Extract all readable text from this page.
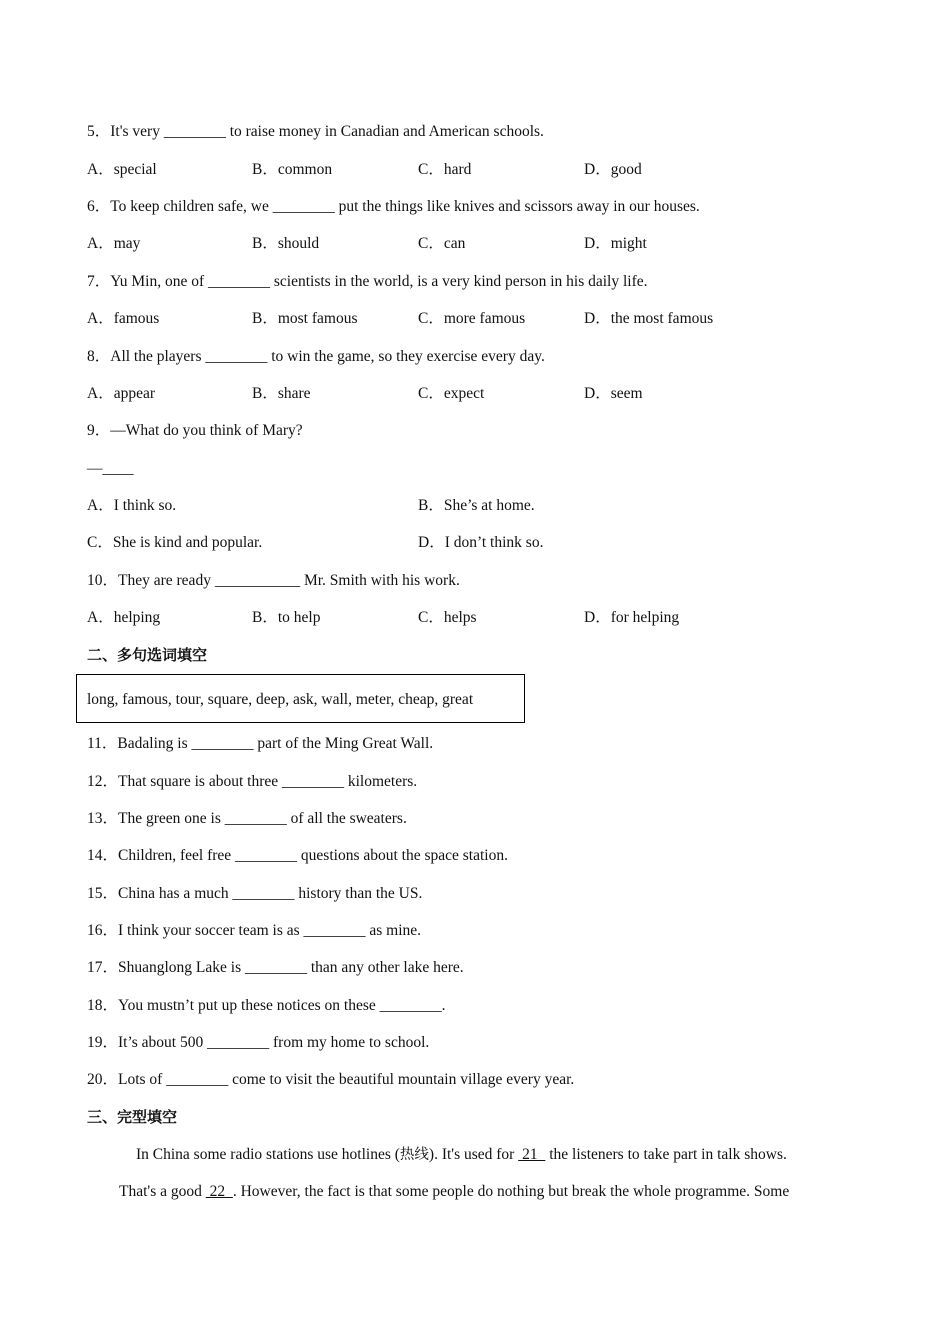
5．It's very ________ to raise money in Canadian and American schools.
A．special	B．common	C．hard	D．good
6．To keep children safe, we ________ put the things like knives and scissors away in our houses.
A．may	B．should	C．can	D．might
7．Yu Min, one of ________ scientists in the world, is a very kind person in his daily life.
A．famous	B．most famous	C．more famous	D．the most famous
8．All the players ________ to win the game, so they exercise every day.
A．appear	B．share	C．expect	D．seem
9．—What do you think of Mary?
—____
A．I think so.	B．She’s at home.
C．She is kind and popular.	D．I don’t think so.
10．They are ready ___________ Mr. Smith with his work.
A．helping	B．to help	C．helps	D．for helping
二、多句选词填空
long, famous, tour, square, deep, ask, wall, meter, cheap, great
11．Badaling is ________ part of the Ming Great Wall.
12．That square is about three ________ kilometers.
13．The green one is ________ of all the sweaters.
14．Children, feel free ________ questions about the space station.
15．China has a much ________ history than the US.
16．I think your soccer team is as ________ as mine.
17．Shuanglong Lake is ________ than any other lake here.
18．You mustn’t put up these notices on these ________.
19．It’s about 500 ________ from my home to school.
20．Lots of ________ come to visit the beautiful mountain village every year.
三、完型填空
In China some radio stations use hotlines (热线). It's used for  21   the listeners to take part in talk shows.
That's a good  22  . However, the fact is that some people do nothing but break the whole programme. Some
